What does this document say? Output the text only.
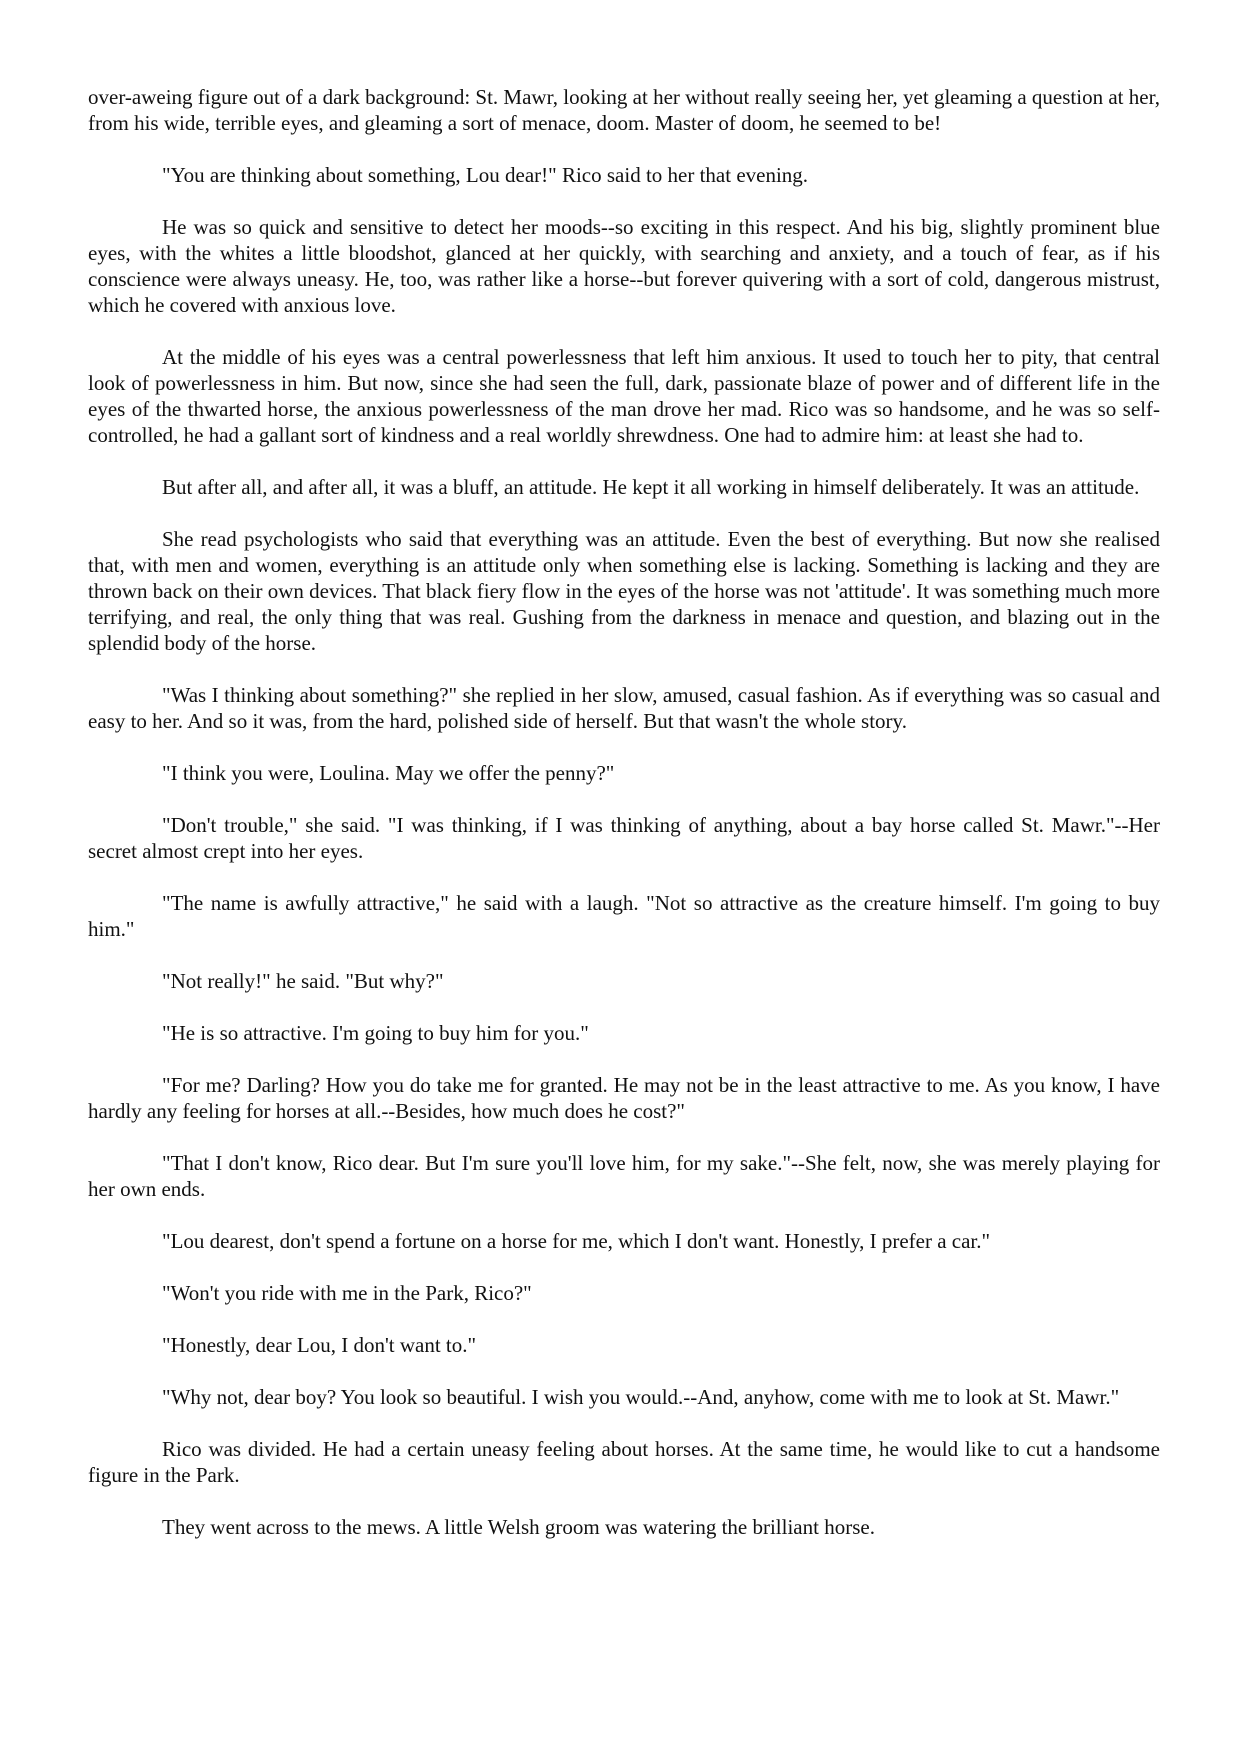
over-aweing figure out of a dark background: St. Mawr, looking at her without really seeing her, yet gleaming a question at her, from his wide, terrible eyes, and gleaming a sort of menace, doom. Master of doom, he seemed to be!

"You are thinking about something, Lou dear!" Rico said to her that evening.

He was so quick and sensitive to detect her moods--so exciting in this respect. And his big, slightly prominent blue eyes, with the whites a little bloodshot, glanced at her quickly, with searching and anxiety, and a touch of fear, as if his conscience were always uneasy. He, too, was rather like a horse--but forever quivering with a sort of cold, dangerous mistrust, which he covered with anxious love.

At the middle of his eyes was a central powerlessness that left him anxious. It used to touch her to pity, that central look of powerlessness in him. But now, since she had seen the full, dark, passionate blaze of power and of different life in the eyes of the thwarted horse, the anxious powerlessness of the man drove her mad. Rico was so handsome, and he was so self-controlled, he had a gallant sort of kindness and a real worldly shrewdness. One had to admire him: at least she had to.

But after all, and after all, it was a bluff, an attitude. He kept it all working in himself deliberately. It was an attitude.

She read psychologists who said that everything was an attitude. Even the best of everything. But now she realised that, with men and women, everything is an attitude only when something else is lacking. Something is lacking and they are thrown back on their own devices. That black fiery flow in the eyes of the horse was not 'attitude'. It was something much more terrifying, and real, the only thing that was real. Gushing from the darkness in menace and question, and blazing out in the splendid body of the horse.

"Was I thinking about something?" she replied in her slow, amused, casual fashion. As if everything was so casual and easy to her. And so it was, from the hard, polished side of herself. But that wasn't the whole story.

"I think you were, Loulina. May we offer the penny?"

"Don't trouble," she said. "I was thinking, if I was thinking of anything, about a bay horse called St. Mawr."--Her secret almost crept into her eyes.

"The name is awfully attractive," he said with a laugh. "Not so attractive as the creature himself. I'm going to buy him."

"Not really!" he said. "But why?"

"He is so attractive. I'm going to buy him for you."

"For me? Darling? How you do take me for granted. He may not be in the least attractive to me. As you know, I have hardly any feeling for horses at all.--Besides, how much does he cost?"

"That I don't know, Rico dear. But I'm sure you'll love him, for my sake."--She felt, now, she was merely playing for her own ends.

"Lou dearest, don't spend a fortune on a horse for me, which I don't want. Honestly, I prefer a car."

"Won't you ride with me in the Park, Rico?"

"Honestly, dear Lou, I don't want to."

"Why not, dear boy? You look so beautiful. I wish you would.--And, anyhow, come with me to look at St. Mawr."

Rico was divided. He had a certain uneasy feeling about horses. At the same time, he would like to cut a handsome figure in the Park.

They went across to the mews. A little Welsh groom was watering the brilliant horse.
